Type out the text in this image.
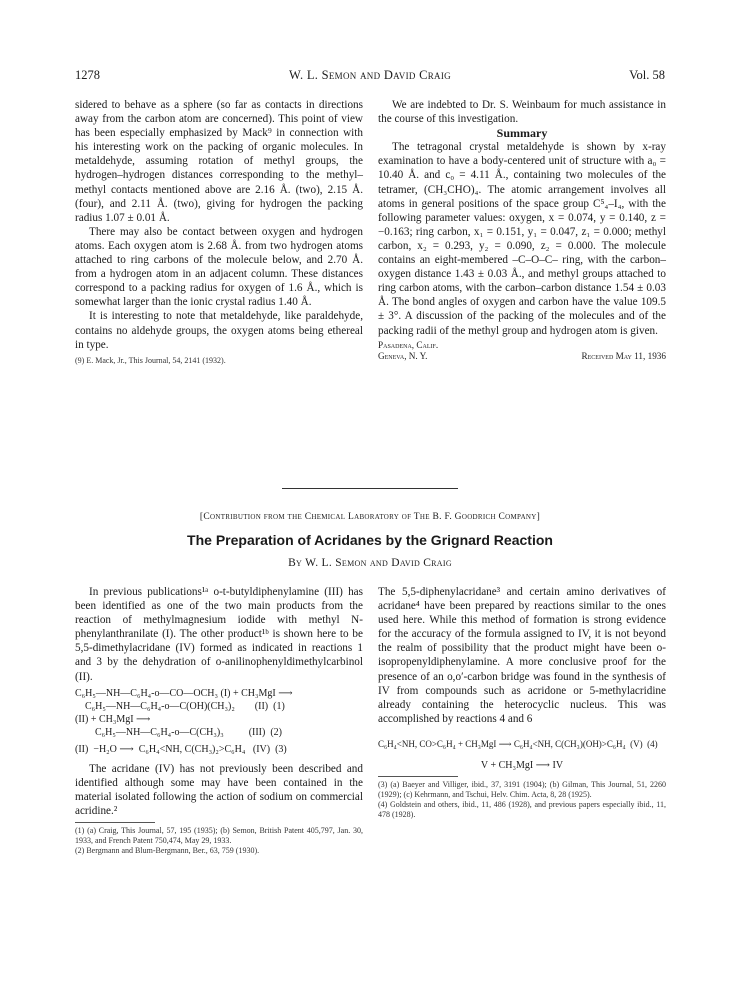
1278	W. L. Semon and David Craig	Vol. 58

sidered to behave as a sphere (so far as contacts in directions away from the carbon atom are concerned). This point of view has been especially emphasized by Mack⁹ in connection with his interesting work on the packing of organic molecules. In metaldehyde, assuming rotation of methyl groups, the hydrogen–hydrogen distances corresponding to the methyl–methyl contacts mentioned above are 2.16 Å. (two), 2.15 Å. (four), and 2.11 Å. (two), giving for hydrogen the packing radius 1.07 ± 0.01 Å.

There may also be contact between oxygen and hydrogen atoms. Each oxygen atom is 2.68 Å. from two hydrogen atoms attached to ring carbons of the molecule below, and 2.70 Å. from a hydrogen atom in an adjacent column. These distances correspond to a packing radius for oxygen of 1.6 Å., which is somewhat larger than the ionic crystal radius 1.40 Å.

It is interesting to note that metaldehyde, like paraldehyde, contains no aldehyde groups, the oxygen atoms being ethereal in type.

(9) E. Mack, Jr., This Journal, 54, 2141 (1932).

We are indebted to Dr. S. Weinbaum for much assistance in the course of this investigation.

Summary

The tetragonal crystal metaldehyde is shown by x-ray examination to have a body-centered unit of structure with a₀ = 10.40 Å. and c₀ = 4.11 Å., containing two molecules of the tetramer, (CH₃CHO)₄. The atomic arrangement involves all atoms in general positions of the space group C⁵₄–I₄, with the following parameter values: oxygen, x = 0.074, y = 0.140, z = −0.163; ring carbon, x₁ = 0.151, y₁ = 0.047, z₁ = 0.000; methyl carbon, x₂ = 0.293, y₂ = 0.090, z₂ = 0.000. The molecule contains an eight-membered –C–O–C– ring, with the carbon–oxygen distance 1.43 ± 0.03 Å., and methyl groups attached to ring carbon atoms, with the carbon–carbon distance 1.54 ± 0.03 Å. The bond angles of oxygen and carbon have the value 109.5 ± 3°. A discussion of the packing of the molecules and of the packing radii of the methyl group and hydrogen atom is given.

Pasadena, Calif.
Geneva, N. Y.	Received May 11, 1936
[Contribution from the Chemical Laboratory of The B. F. Goodrich Company]
The Preparation of Acridanes by the Grignard Reaction
By W. L. Semon and David Craig

In previous publications¹ᵃ o-t-butyldiphenylamine (III) has been identified as one of the two main products from the reaction of methylmagnesium iodide with methyl N-phenylanthranilate (I). The other product¹ᵇ is shown here to be 5,5-dimethylacridane (IV) formed as indicated in reactions 1 and 3 by the dehydration of o-anilinophenyldimethylcarbinol (II).

C₆H₅—NH—C₆H₄-o—CO—OCH₃ (I) + CH₃MgI ⟶
C₆H₅—NH—C₆H₄-o—C(OH)(CH₃)₂        (II)  (1)
(II) + CH₃MgI ⟶
C₆H₅—NH—C₆H₄-o—C(CH₃)₃          (III)  (2)
(II)  −H₂O ⟶  C₆H₄<NH, C(CH₃)₂>C₆H₄   (IV)  (3)

The acridane (IV) has not previously been described and identified although some may have been contained in the material isolated following the action of sodium on commercial acridine.²

(1) (a) Craig, This Journal, 57, 195 (1935); (b) Semon, British Patent 405,797, Jan. 30, 1933, and French Patent 750,474, May 29, 1933.

(2) Bergmann and Blum-Bergmann, Ber., 63, 759 (1930).

The 5,5-diphenylacridane³ and certain amino derivatives of acridane⁴ have been prepared by reactions similar to the ones used here. While this method of formation is strong evidence for the accuracy of the formula assigned to IV, it is not beyond the realm of possibility that the product might have been o-isopropenyldiphenylamine. A more conclusive proof for the presence of an o,o′-carbon bridge was found in the synthesis of IV from compounds such as acridone or 5-methylacridine already containing the heterocyclic nucleus. This was accomplished by reactions 4 and 6

C₆H₄<NH, CO>C₆H₄ + CH₃MgI ⟶ C₆H₄<NH, C(CH₃)(OH)>C₆H₄  (V)  (4)
V + CH₃MgI ⟶ IV

(3) (a) Baeyer and Villiger, ibid., 37, 3191 (1904); (b) Gilman, This Journal, 51, 2260 (1929); (c) Kehrmann, and Tschui, Helv. Chim. Acta, 8, 28 (1925).

(4) Goldstein and others, ibid., 11, 486 (1928), and previous papers especially ibid., 11, 478 (1928).
